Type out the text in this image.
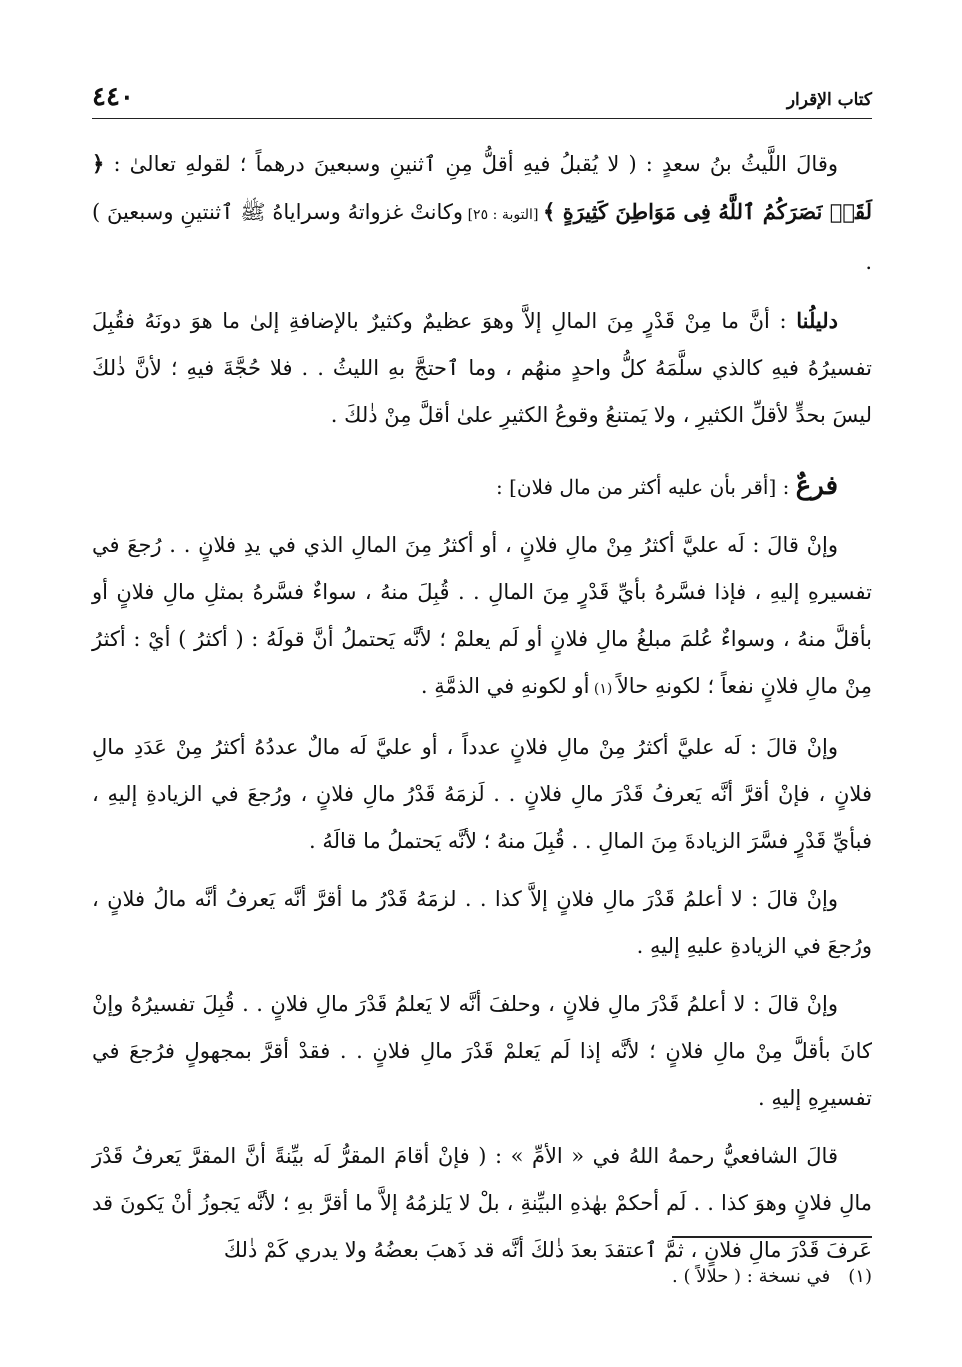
٤٤٠	كتاب الإقرار

وقالَ اللَّيثُ بنُ سعدٍ : ( لا يُقبلُ فيهِ أقلُّ مِنِ ٱثنينِ وسبعينَ درهماً ؛ لقولهِ تعالىٰ : ﴿ لَقَدۡ نَصَرَكُمُ ٱللَّهُ فِى مَوَاطِنَ كَثِيرَةٍ ﴾ [التوبة : ٢٥] وكانتْ غزواتهُ وسراياهُ ﷺ ٱثنتينِ وسبعينَ ) .

دليلُنا : أنَّ ما مِنْ قَدْرٍ مِنَ المالِ إلاَّ وهوَ عظيمٌ وكثيرٌ بالإضافةِ إلىٰ ما هوَ دونَهُ فقُبِلَ تفسيرُهُ فيهِ كالذي سلَّمَهُ كلُّ واحدٍ منهُم ، وما ٱحتجَّ بهِ الليثُ . . فلا حُجَّةَ فيهِ ؛ لأنَّ ذٰلكَ ليسَ بحدٍّ لأقلِّ الكثيرِ ، ولا يَمتنعُ وقوعُ الكثيرِ علىٰ أقلَّ مِنْ ذٰلكَ .

فرعٌ : [أقر بأن عليه أكثر من مال فلان] :

وإنْ قالَ : لَه عليَّ أكثرُ مِنْ مالِ فلانٍ ، أو أكثرُ مِنَ المالِ الذي في يدِ فلانٍ . . رُجعَ في تفسيرهِ إليهِ ، فإذا فسَّرهُ بأيِّ قَدْرٍ مِنَ المالِ . . قُبِلَ منهُ ، سواءٌ فسَّرهُ بمثلِ مالِ فلانٍ أو بأقلَّ منهُ ، وسواءٌ عُلمَ مبلغُ مالِ فلانٍ أو لَم يعلمْ ؛ لأنَّه يَحتملُ أنَّ قولَهُ : ( أكثرُ ) أيْ : أكثرُ مِنْ مالِ فلانٍ نفعاً ؛ لكونهِ حالاً (١) أو لكونهِ في الذمَّةِ .

وإنْ قالَ : لَه عليَّ أكثرُ مِنْ مالِ فلانٍ عدداً ، أو عليَّ لَه مالٌ عددُهُ أكثرُ مِنْ عَدَدِ مالِ فلانٍ ، فإنْ أقرَّ أنَّه يَعرفُ قَدْرَ مالِ فلانٍ . . لَزمَهُ قَدْرُ مالِ فلانٍ ، ورُجعَ في الزيادةِ إليهِ ، فبأيِّ قَدْرٍ فسَّرَ الزيادةَ مِنَ المالِ . . قُبِلَ منهُ ؛ لأنَّه يَحتملُ ما قالَهُ .

وإنْ قالَ : لا أعلمُ قَدْرَ مالِ فلانٍ إلاَّ كذا . . لزمَهُ قَدْرُ ما أقرَّ أنَّه يَعرفُ أنَّه مالُ فلانٍ ، ورُجعَ في الزيادةِ عليهِ إليهِ .

وإنْ قالَ : لا أعلمُ قَدْرَ مالِ فلانٍ ، وحلفَ أنَّه لا يَعلمُ قَدْرَ مالِ فلانٍ . . قُبِلَ تفسيرُهُ وإنْ كانَ بأقلَّ مِنْ مالِ فلانٍ ؛ لأنَّه إذا لَم يَعلمْ قَدْرَ مالِ فلانٍ . . فقدْ أقرَّ بمجهولٍ فرُجعَ في تفسيرِهِ إليهِ .

قالَ الشافعيُّ رحمهُ اللهُ في « الأمِّ » : ( فإنْ أقامَ المقرُّ لَه بيِّنةً أنَّ المقرَّ يَعرفُ قَدْرَ مالِ فلانٍ وهوَ كذا . . لَم أحكمْ بهٰذهِ البيِّنةِ ، بلْ لا يَلزمُهُ إلاَّ ما أقرَّ بهِ ؛ لأنَّه يَجوزُ أنْ يَكونَ قد عَرفَ قَدْرَ مالِ فلانٍ ، ثمَّ ٱعتقدَ بعدَ ذٰلكَ أنَّه قد ذَهبَ بعضُهُ ولا يدري كَمْ ذٰلكَ

(١)في نسخة : ( حلالاً ) .
